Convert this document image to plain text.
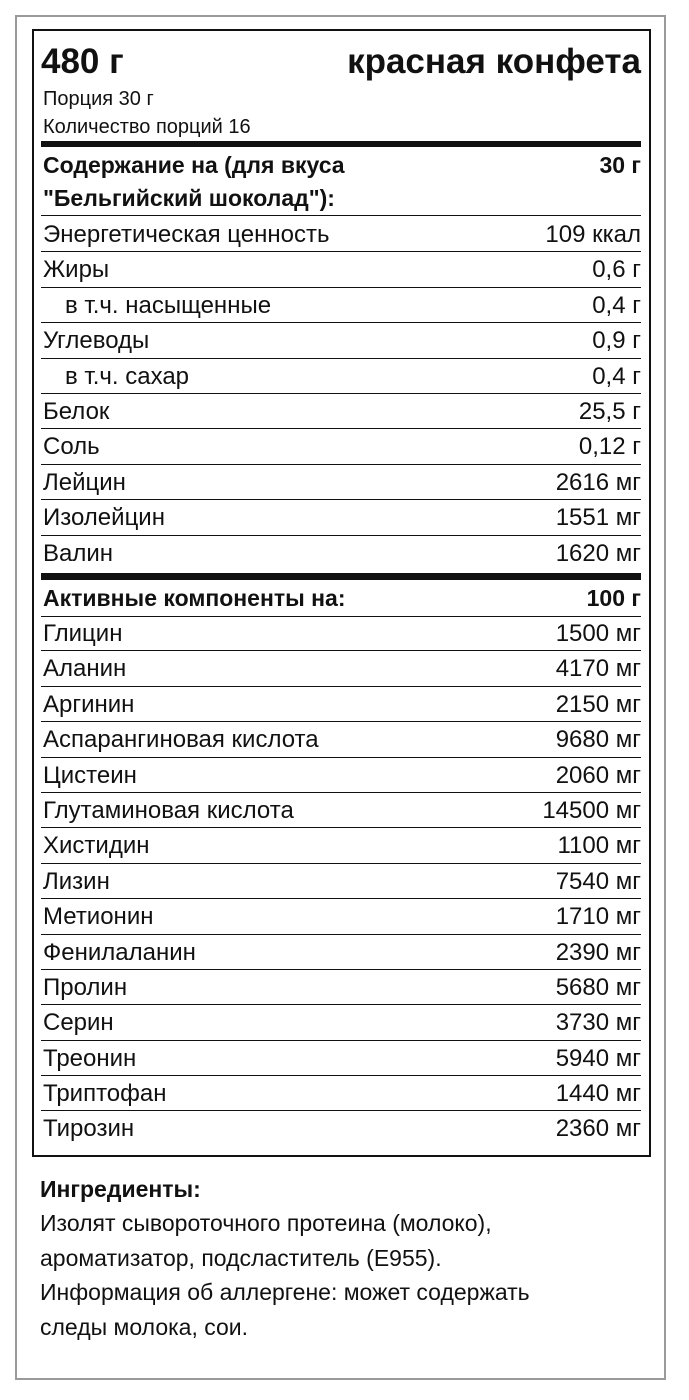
480 г	красная конфета
Порция 30 г
Количество порций 16
Содержание на (для вкуса	30 г
"Бельгийский шоколад"):
Энергетическая ценность	109 ккал
Жиры	0,6 г
в т.ч. насыщенные	0,4 г
Углеводы	0,9 г
в т.ч. сахар	0,4 г
Белок	25,5 г
Соль	0,12 г
Лейцин	2616 мг
Изолейцин	1551 мг
Валин	1620 мг
Активные компоненты на:	100 г
Глицин	1500 мг
Аланин	4170 мг
Аргинин	2150 мг
Аспарангиновая кислота	9680 мг
Цистеин	2060 мг
Глутаминовая кислота	14500 мг
Хистидин	1100 мг
Лизин	7540 мг
Метионин	1710 мг
Фенилаланин	2390 мг
Пролин	5680 мг
Серин	3730 мг
Треонин	5940 мг
Триптофан	1440 мг
Тирозин	2360 мг
Ингредиенты:

Изолят сывороточного протеина (молоко),

ароматизатор, подсластитель (Е955).

Информация об аллергене: может содержать

следы молока, сои.
